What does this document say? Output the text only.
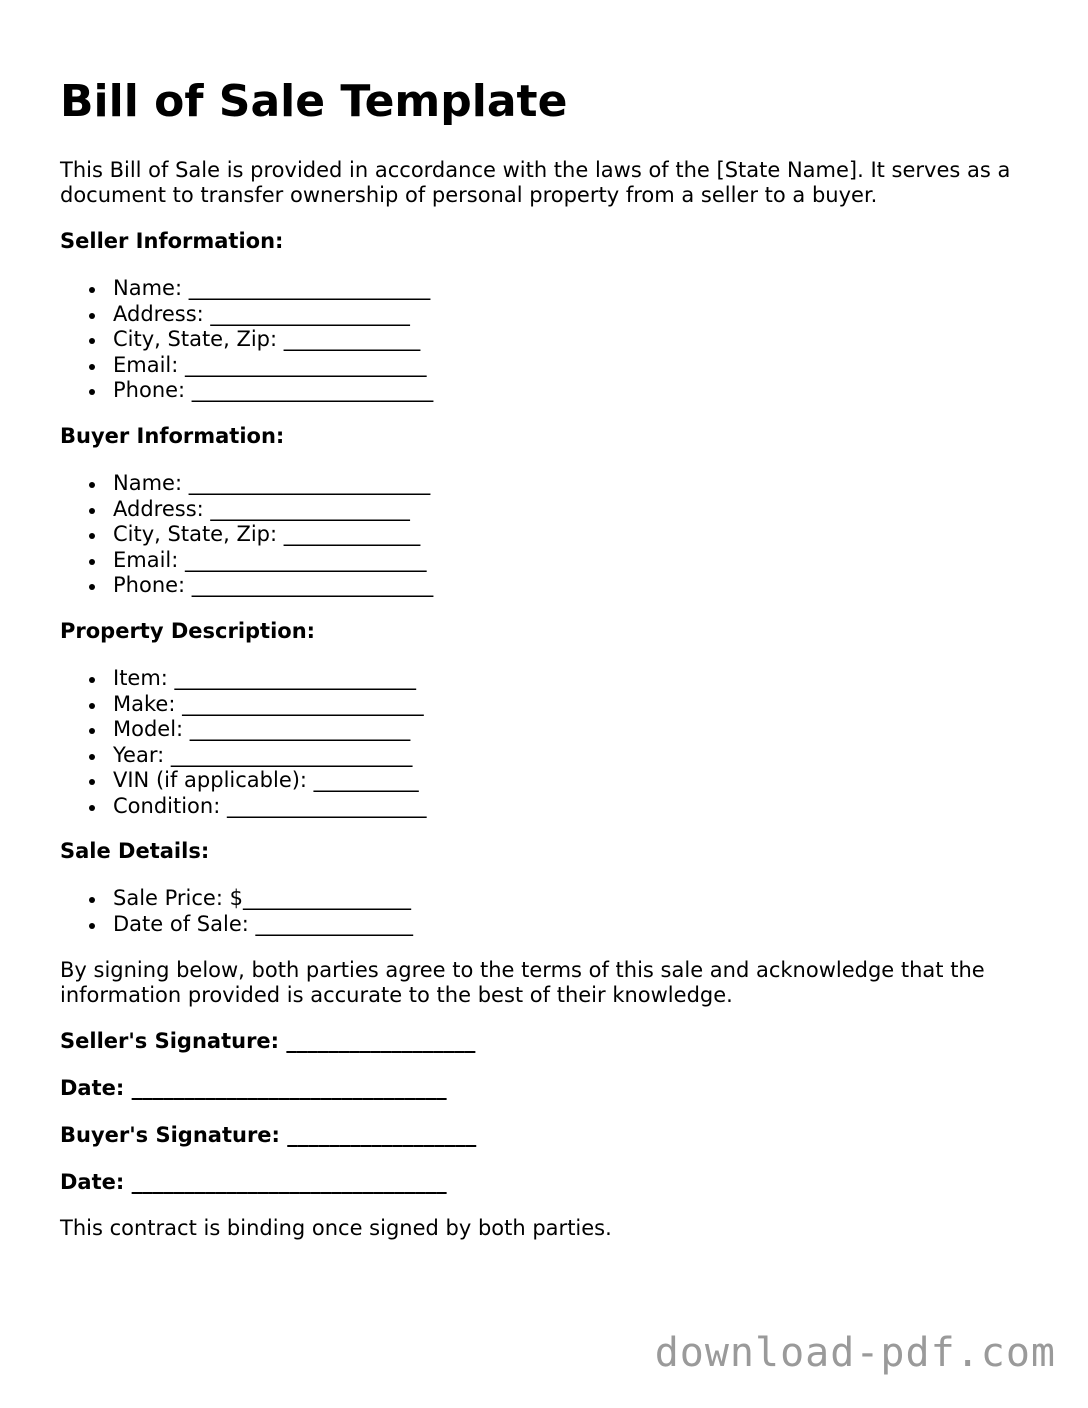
Bill of Sale Template

This Bill of Sale is provided in accordance with the laws of the [State Name]. It serves as a document to transfer ownership of personal property from a seller to a buyer.

Seller Information:
Name: _______________________
Address: ___________________
City, State, Zip: _____________
Email: _______________________
Phone: _______________________
Buyer Information:
Name: _______________________
Address: ___________________
City, State, Zip: _____________
Email: _______________________
Phone: _______________________
Property Description:
Item: _______________________
Make: _______________________
Model: _____________________
Year: _______________________
VIN (if applicable): __________
Condition: ___________________
Sale Details:
Sale Price: $________________
Date of Sale: _______________

By signing below, both parties agree to the terms of this sale and acknowledge that the information provided is accurate to the best of their knowledge.

Seller's Signature: __________________
Date: ______________________________
Buyer's Signature: __________________
Date: ______________________________

This contract is binding once signed by both parties.

download-pdf.com
